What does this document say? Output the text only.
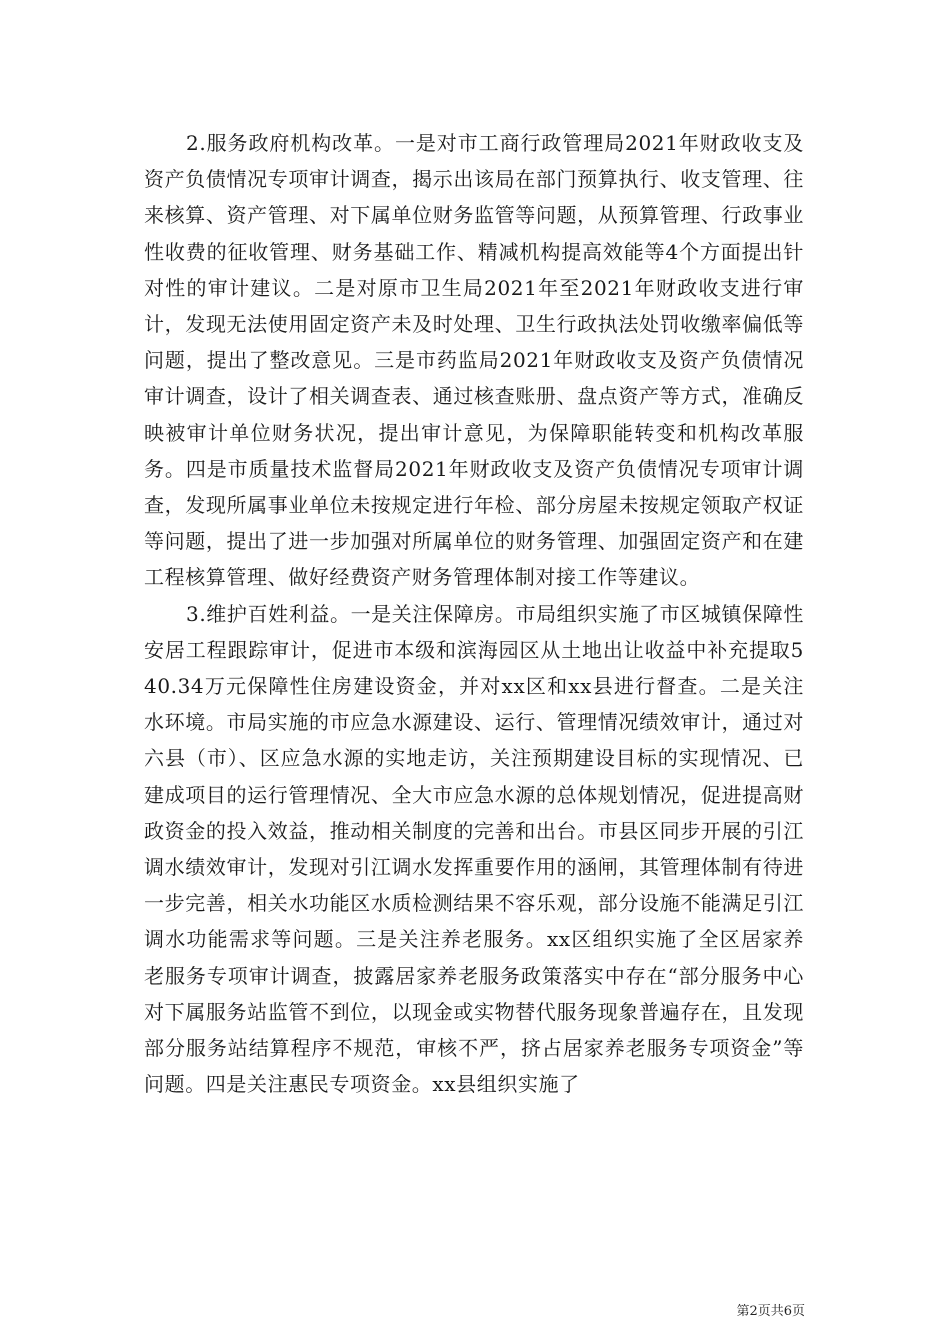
2.服务政府机构改革。一是对市工商行政管理局2021年财政收支及资产负债情况专项审计调查，揭示出该局在部门预算执行、收支管理、往来核算、资产管理、对下属单位财务监管等问题，从预算管理、行政事业性收费的征收管理、财务基础工作、精减机构提高效能等4个方面提出针对性的审计建议。二是对原市卫生局2021年至2021年财政收支进行审计，发现无法使用固定资产未及时处理、卫生行政执法处罚收缴率偏低等问题，提出了整改意见。三是市药监局2021年财政收支及资产负债情况审计调查，设计了相关调查表、通过核查账册、盘点资产等方式，准确反映被审计单位财务状况，提出审计意见，为保障职能转变和机构改革服务。四是市质量技术监督局2021年财政收支及资产负债情况专项审计调查，发现所属事业单位未按规定进行年检、部分房屋未按规定领取产权证等问题，提出了进一步加强对所属单位的财务管理、加强固定资产和在建工程核算管理、做好经费资产财务管理体制对接工作等建议。

3.维护百姓利益。一是关注保障房。市局组织实施了市区城镇保障性安居工程跟踪审计，促进市本级和滨海园区从土地出让收益中补充提取540.34万元保障性住房建设资金，并对xx区和xx县进行督查。二是关注水环境。市局实施的市应急水源建设、运行、管理情况绩效审计，通过对六县（市）、区应急水源的实地走访，关注预期建设目标的实现情况、已建成项目的运行管理情况、全大市应急水源的总体规划情况，促进提高财政资金的投入效益，推动相关制度的完善和出台。市县区同步开展的引江调水绩效审计，发现对引江调水发挥重要作用的涵闸，其管理体制有待进一步完善，相关水功能区水质检测结果不容乐观，部分设施不能满足引江调水功能需求等问题。三是关注养老服务。xx区组织实施了全区居家养老服务专项审计调查，披露居家养老服务政策落实中存在“部分服务中心对下属服务站监管不到位，以现金或实物替代服务现象普遍存在，且发现部分服务站结算程序不规范，审核不严，挤占居家养老服务专项资金”等问题。四是关注惠民专项资金。xx县组织实施了

第2页共6页
